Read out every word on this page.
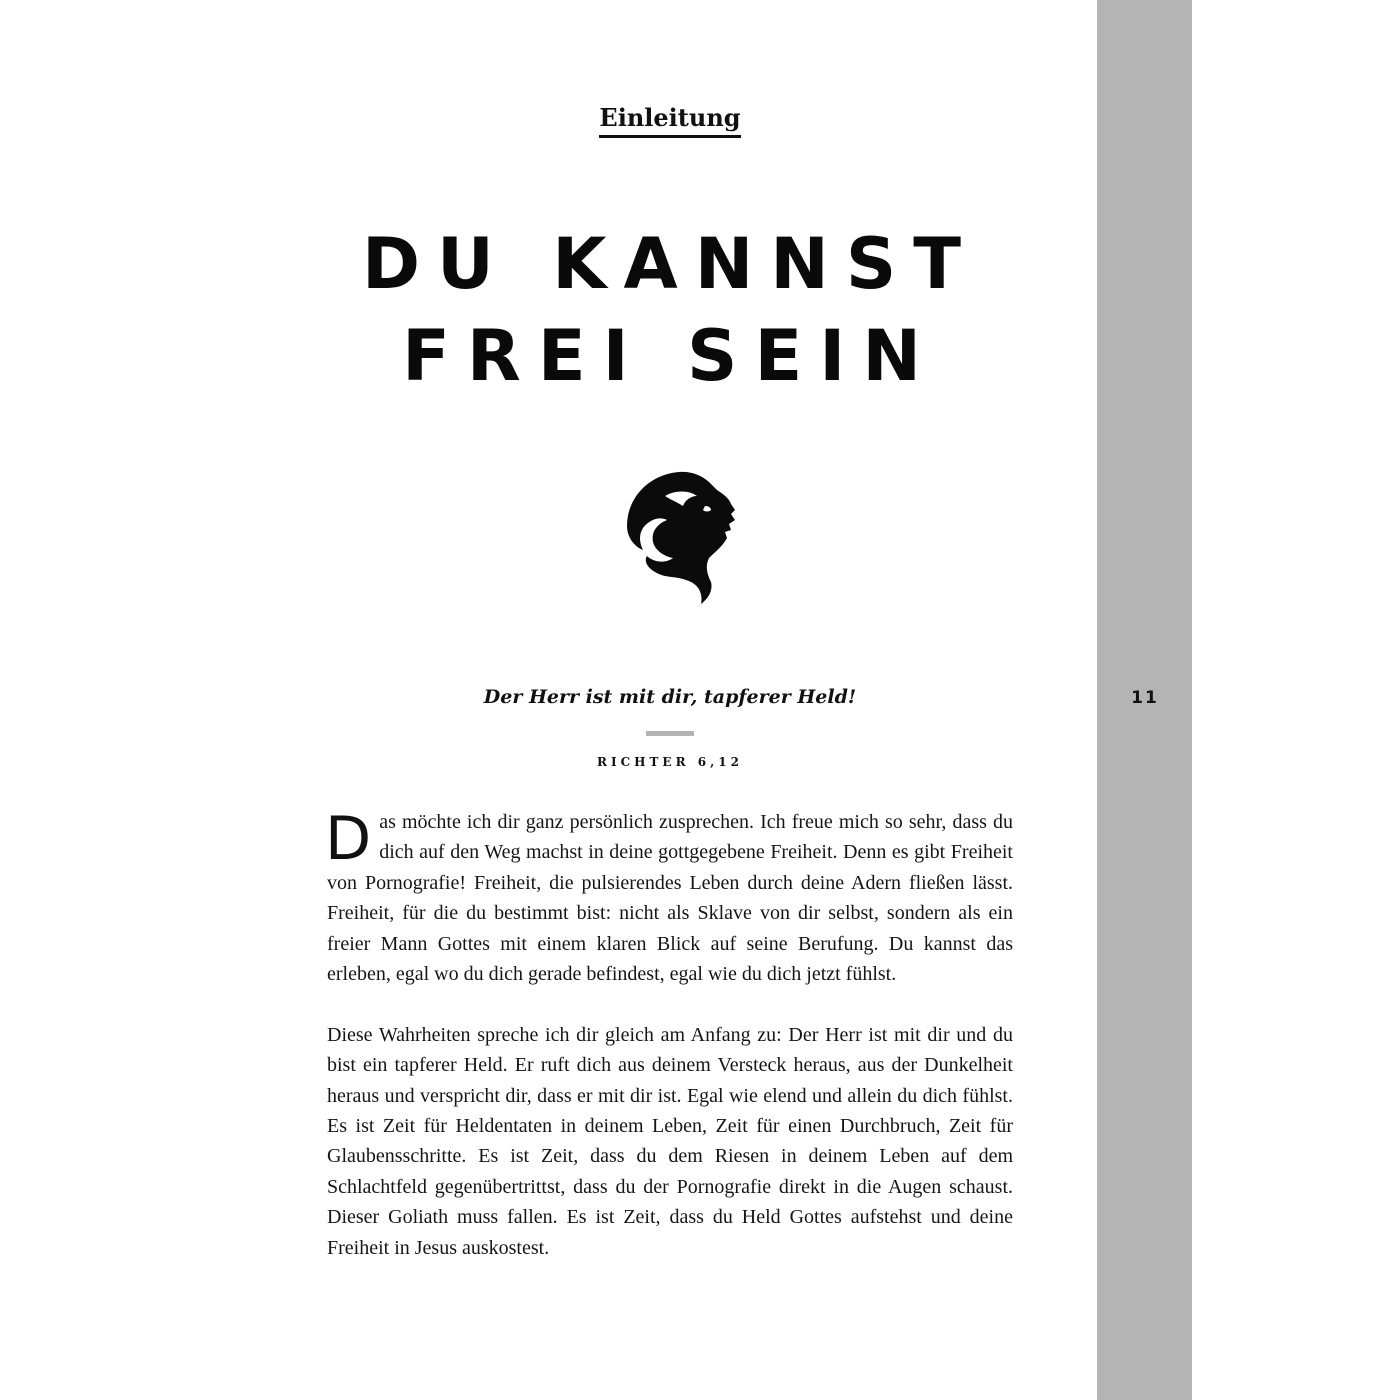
Einleitung
DU KANNST
FREI SEIN
Der Herr ist mit dir, tapferer Held!
RICHTER 6,12

Das möchte ich dir ganz persönlich zusprechen. Ich freue mich so sehr, dass du dich auf den Weg machst in deine gottgegebene Freiheit. Denn es gibt Freiheit von Pornografie! Freiheit, die pulsierendes Leben durch deine Adern fließen lässt. Freiheit, für die du bestimmt bist: nicht als Sklave von dir selbst, sondern als ein freier Mann Gottes mit einem klaren Blick auf seine Berufung. Du kannst das erleben, egal wo du dich gerade befindest, egal wie du dich jetzt fühlst.

Diese Wahrheiten spreche ich dir gleich am Anfang zu: Der Herr ist mit dir und du bist ein tapferer Held. Er ruft dich aus deinem Versteck heraus, aus der Dunkelheit heraus und verspricht dir, dass er mit dir ist. Egal wie elend und allein du dich fühlst. Es ist Zeit für Heldentaten in deinem Leben, Zeit für einen Durchbruch, Zeit für Glaubensschritte. Es ist Zeit, dass du dem Riesen in deinem Leben auf dem Schlachtfeld gegenübertrittst, dass du der Pornografie direkt in die Augen schaust. Dieser Goliath muss fallen. Es ist Zeit, dass du Held Gottes aufstehst und deine Freiheit in Jesus auskostest.

11
